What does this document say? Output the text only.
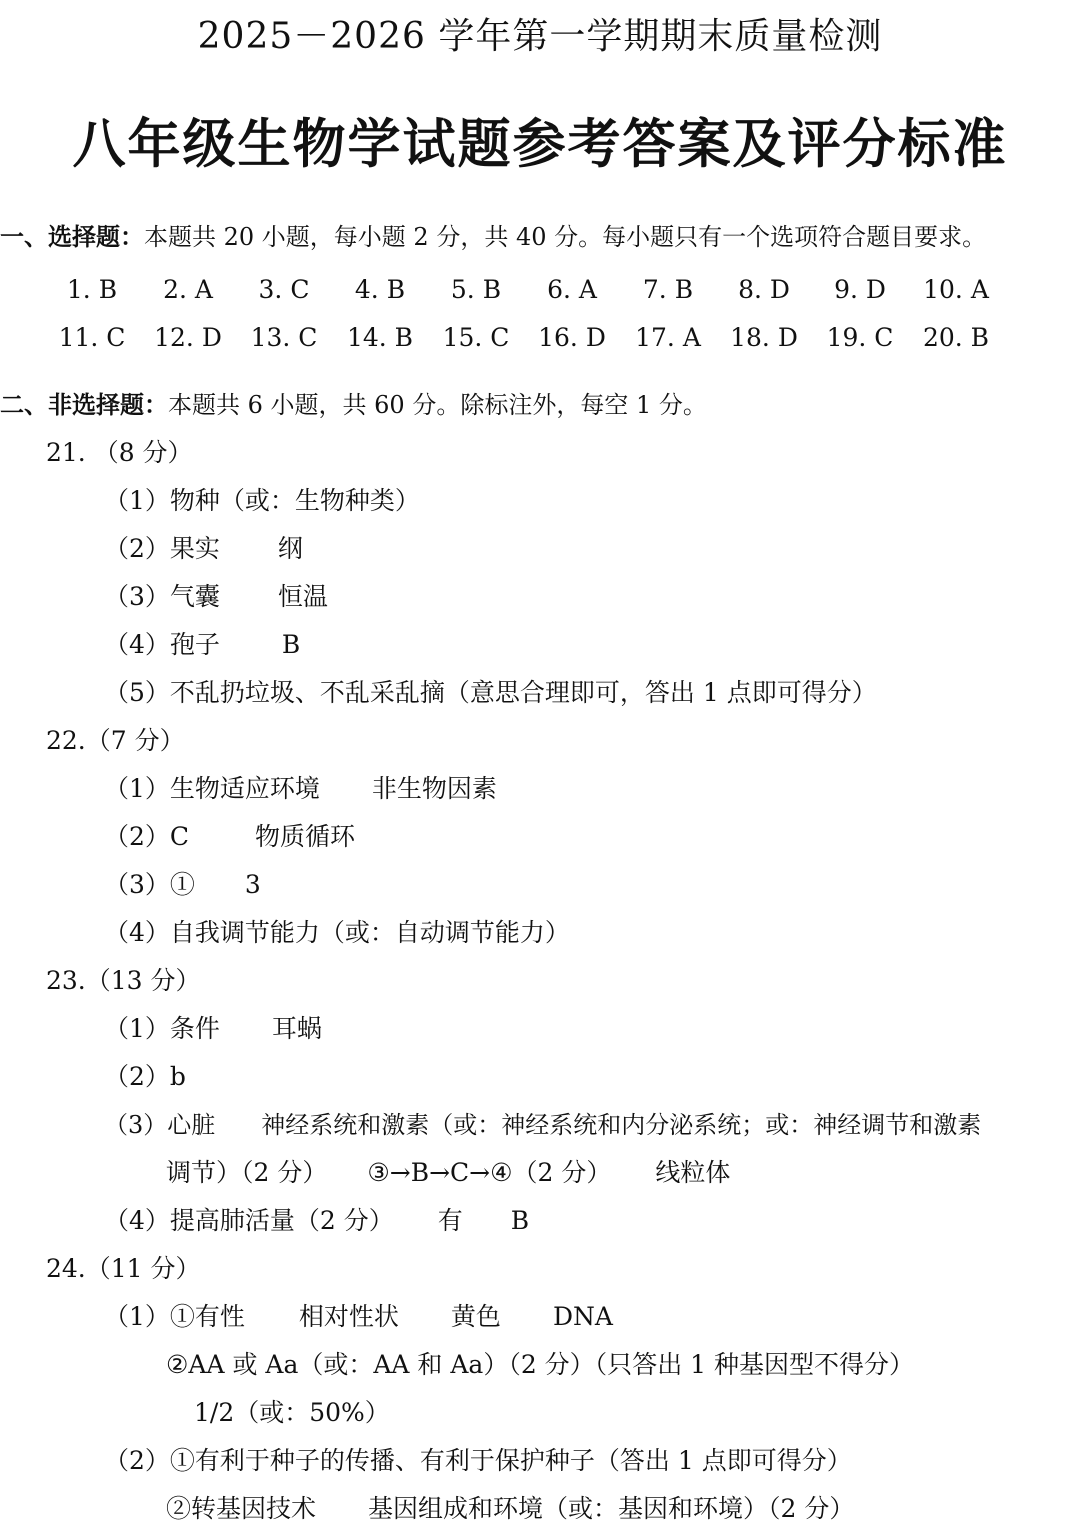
2025－2026 学年第一学期期末质量检测
八年级生物学试题参考答案及评分标准
一、选择题：本题共 20 小题，每小题 2 分，共 40 分。每小题只有一个选项符合题目要求。
1. B	2. A	3. C	4. B	5. B	6. A	7. B	8. D	9. D	10. A
11. C	12. D	13. C	14. B	15. C	16. D	17. A	18. D	19. C	20. B
二、非选择题：本题共 6 小题，共 60 分。除标注外，每空 1 分。
21. （8 分）
（1）物种（或：生物种类）
（2）果实 纲
（3）气囊 恒温
（4）孢子 B
（5）不乱扔垃圾、不乱采乱摘（意思合理即可，答出 1 点即可得分）
22.（7 分）
（1）生物适应环境 非生物因素
（2）C	物质循环
（3）① 3
（4）自我调节能力（或：自动调节能力）
23.（13 分）
（1）条件 耳蜗
（2）b
（3）心脏 神经系统和激素（或：神经系统和内分泌系统；或：神经调节和激素
调节）（2 分） ③→B→C→④（2 分） 线粒体
（4）提高肺活量（2 分） 有 B
24.（11 分）
（1）①有性 相对性状 黄色 DNA
②AA 或 Aa（或：AA 和 Aa）（2 分）（只答出 1 种基因型不得分）
1/2（或：50%）
（2）①有利于种子的传播、有利于保护种子（答出 1 点即可得分）
②转基因技术 基因组成和环境（或：基因和环境）（2 分）
